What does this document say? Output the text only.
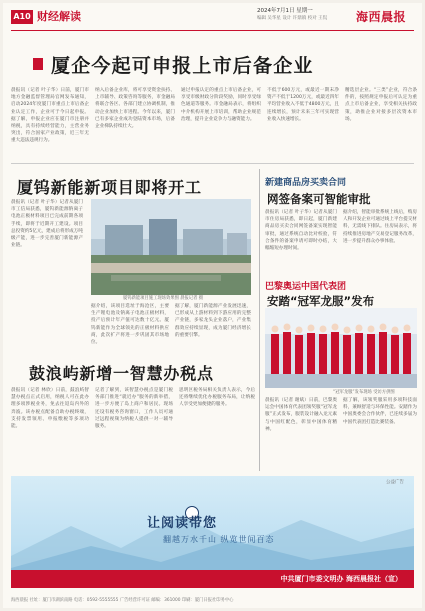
A10 财经解读	2024年7月1日 星期一
编辑 吴华星 设计 许鼎镇 校对 王侃 海西晨报
厦企今起可申报上市后备企业
晨报讯（记者 叶子华）日前，厦门市地方金融监督管理局官网发布通知，启动2024年度厦门市重点上市后备企业认定工作，企业可于今日起申报。据了解，申报企业应在厦门市注册并纳税，具有持续经营能力，主营业务突出，符合国家产业政策，近三年无重大违法违规行为。
纳入后备企业库，将可享受资金扶持、上市辅导、政策咨询等服务，市金融局将联合各区、各部门建立协调机制，推动企业加快上市进程。今年以来，厦门已有多家企业成功登陆资本市场，后备企业梯队持续壮大。
通过申报认定的重点上市后备企业，可享受市级财政分阶段奖励，同时享受绿色通道等服务。市金融局表示，将组织中介机构开展上市培训，帮助企业规范治理，提升企业竞争力与融资能力。
不低于600万元，或最近一期末净资产不低于1200万元，或最近四年平均营业收入不低于4800万元，且连续增长，预计未来三年可实现营业收入快速增长。
精选层企业。“三类”企业，符合条件的，按照规定申报后可认定为重点上市后备企业，享受相关扶持政策，助推企业对接多层次资本市场。
厦钨新能新项目即将开工
晨报讯（记者 叶子华）记者从厦门市工信局获悉，厦钨新能源钠离子电池正极材料项目已完成前期各项手续，即将于近期开工建设。项目总投资约5亿元，建成后将形成万吨级产能，进一步完善厦门新能源产业链。
厦钨新能项目施工现场效果图 晨报记者 摄
据介绍，该项目选址于海沧区，主要生产锂电池及钠离子电池正极材料，投产后预计年产值可达数十亿元。厦钨新能作为全球领先的正极材料供应商，此次扩产将进一步巩固其市场地位。
据了解，厦门新能源产业发展迅速，已形成从上游材料到下游应用的完整产业链，多家龙头企业落户，产业集群效应持续显现，成为厦门经济增长的重要引擎。
鼓浪屿新增一智慧办税点
晨报讯（记者 林欣）日前，鼓浪屿智慧办税点正式启用，纳税人可在此办理多项涉税业务，免去往返岛内外的奔波。该办税点配备自助办税终端，支持发票领用、申报缴税等多项功能。
记者了解到，该智慧办税点是厦门税务部门推进“就近办”服务的新举措，进一步方便了岛上商户和居民。现场还设有税务咨询窗口，工作人员可通过远程视频为纳税人提供一对一辅导服务。
思明区税务局相关负责人表示，今后还将继续优化办税服务布局，让纳税人享受更加便捷的服务。
新建商品房买卖合同
网签备案可智能审批
晨报讯（记者 叶子华）记者从厦门市住房局获悉，即日起，厦门新建商品房买卖合同网签备案实现智能审批，通过系统自动比对校验，符合条件的备案申请可即时办结，大幅缩短办理时间。
据介绍，智能审批系统上线后，购房人和开发企业可通过线上平台提交材料，无需线下排队。住房局表示，将持续推进房地产交易登记服务改革，进一步提升群众办事体验。
巴黎奥运中国代表团
安踏“冠军龙服”发布
“冠军龙服”发布现场 受访方供图
晨报讯（记者 谢斌）日前，巴黎奥运会中国体育代表团领奖服“冠军龙服”正式发布，服装设计融入龙元素与中国红配色，彰显中国体育精神。
据了解，该领奖服采用多项科技面料，兼顾舒适与环保性能。安踏作为中国奥委会合作伙伴，已连续多届为中国代表团打造比赛装备。
公益广告
让阅读带您
翻越万水千山 纵览世间百态
中共厦门市委文明办 海西晨报社（宣）
海西晨报 社址：厦门市湖滨南路 电话：0592-5555555 广告经营许可证 邮编：361000 印刷：厦门日报社印务中心
